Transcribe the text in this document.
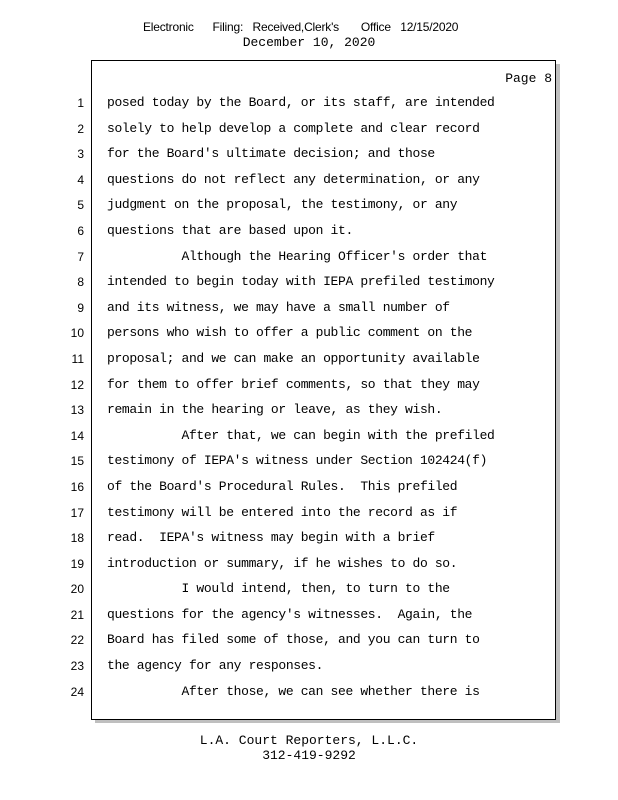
Electronic      Filing:   Received,Clerk's       Office   12/15/2020
December 10, 2020
Page 8
1 posed today by the Board, or its staff, are intended
2 solely to help develop a complete and clear record
3 for the Board's ultimate decision; and those
4 questions do not reflect any determination, or any
5 judgment on the proposal, the testimony, or any
6 questions that are based upon it.
7 Although the Hearing Officer's order that
8 intended to begin today with IEPA prefiled testimony
9 and its witness, we may have a small number of
10 persons who wish to offer a public comment on the
11 proposal; and we can make an opportunity available
12 for them to offer brief comments, so that they may
13 remain in the hearing or leave, as they wish.
14 After that, we can begin with the prefiled
15 testimony of IEPA's witness under Section 102424(f)
16 of the Board's Procedural Rules.  This prefiled
17 testimony will be entered into the record as if
18 read.  IEPA's witness may begin with a brief
19 introduction or summary, if he wishes to do so.
20 I would intend, then, to turn to the
21 questions for the agency's witnesses.  Again, the
22 Board has filed some of those, and you can turn to
23 the agency for any responses.
24 After those, we can see whether there is
L.A. Court Reporters, L.L.C.
312-419-9292
